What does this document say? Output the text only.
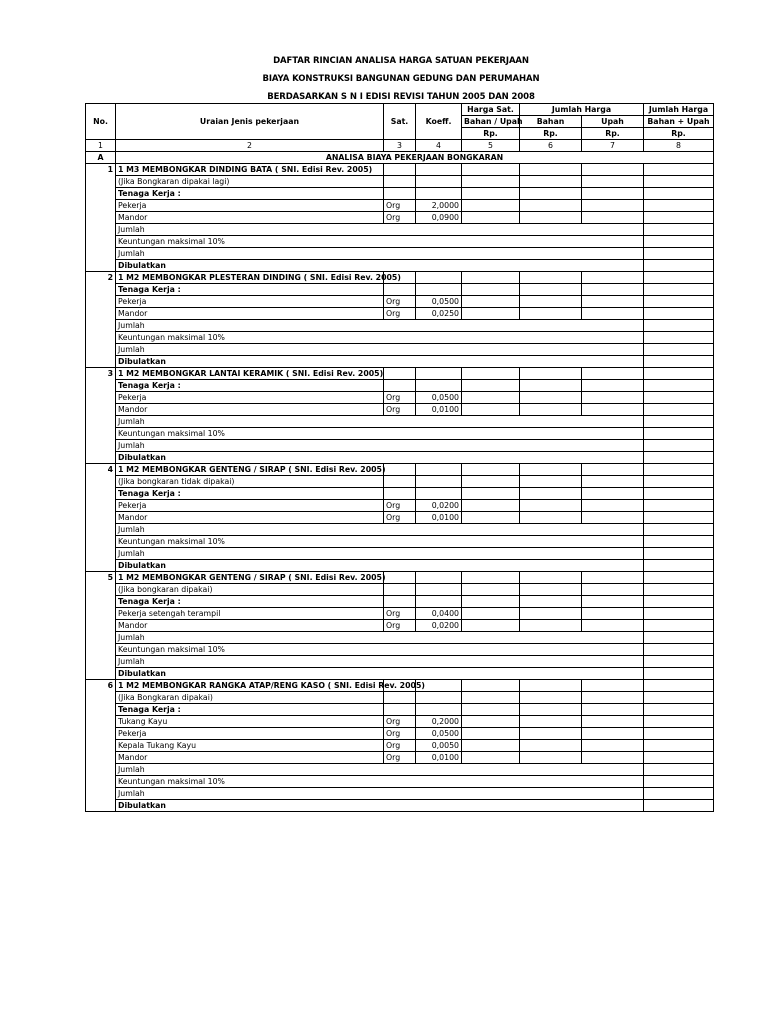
DAFTAR RINCIAN ANALISA HARGA SATUAN PEKERJAAN
BIAYA KONSTRUKSI BANGUNAN GEDUNG DAN PERUMAHAN
BERDASARKAN S N I EDISI REVISI TAHUN 2005 DAN 2008
No.	Uraian Jenis pekerjaan	Sat.	Koeff.	Harga Sat.	Jumlah Harga		Jumlah Harga
				Bahan / Upah	Bahan	Upah	Bahan + Upah
				Rp.	Rp.	Rp.	Rp.
1	2	3	4	5	6	7	8
A	ANALISA BIAYA PEKERJAAN BONGKARAN						
1	1 M3 MEMBONGKAR DINDING BATA ( SNI. Edisi Rev. 2005)						
	(Jika Bongkaran dipakai lagi)						
	Tenaga Kerja :						
	Pekerja	Org	2,0000				
	Mandor	Org	0,0900				
	Jumlah						
	Keuntungan maksimal 10%						
	Jumlah						
	Dibulatkan						
2	1 M2 MEMBONGKAR PLESTERAN DINDING ( SNI. Edisi Rev. 2005)						
	Tenaga Kerja :						
	Pekerja	Org	0,0500				
	Mandor	Org	0,0250				
	Jumlah						
	Keuntungan maksimal 10%						
	Jumlah						
	Dibulatkan						
3	1 M2 MEMBONGKAR LANTAI KERAMIK ( SNI. Edisi Rev. 2005)						
	Tenaga Kerja :						
	Pekerja	Org	0,0500				
	Mandor	Org	0,0100				
	Jumlah						
	Keuntungan maksimal 10%						
	Jumlah						
	Dibulatkan						
4	1 M2 MEMBONGKAR GENTENG / SIRAP ( SNI. Edisi Rev. 2005)						
	(Jika bongkaran tidak dipakai)						
	Tenaga Kerja :						
	Pekerja	Org	0,0200				
	Mandor	Org	0,0100				
	Jumlah						
	Keuntungan maksimal 10%						
	Jumlah						
	Dibulatkan						
5	1 M2 MEMBONGKAR GENTENG / SIRAP ( SNI. Edisi Rev. 2005)						
	(Jika bongkaran dipakai)						
	Tenaga Kerja :						
	Pekerja setengah terampil	Org	0,0400				
	Mandor	Org	0,0200				
	Jumlah						
	Keuntungan maksimal 10%						
	Jumlah						
	Dibulatkan						
6	1 M2 MEMBONGKAR RANGKA ATAP/RENG KASO ( SNI. Edisi Rev. 2005)						
	(Jika Bongkaran dipakai)						
	Tenaga Kerja :						
	Tukang Kayu	Org	0,2000				
	Pekerja	Org	0,0500				
	Kepala Tukang Kayu	Org	0,0050				
	Mandor	Org	0,0100				
	Jumlah						
	Keuntungan maksimal 10%						
	Jumlah						
	Dibulatkan						
